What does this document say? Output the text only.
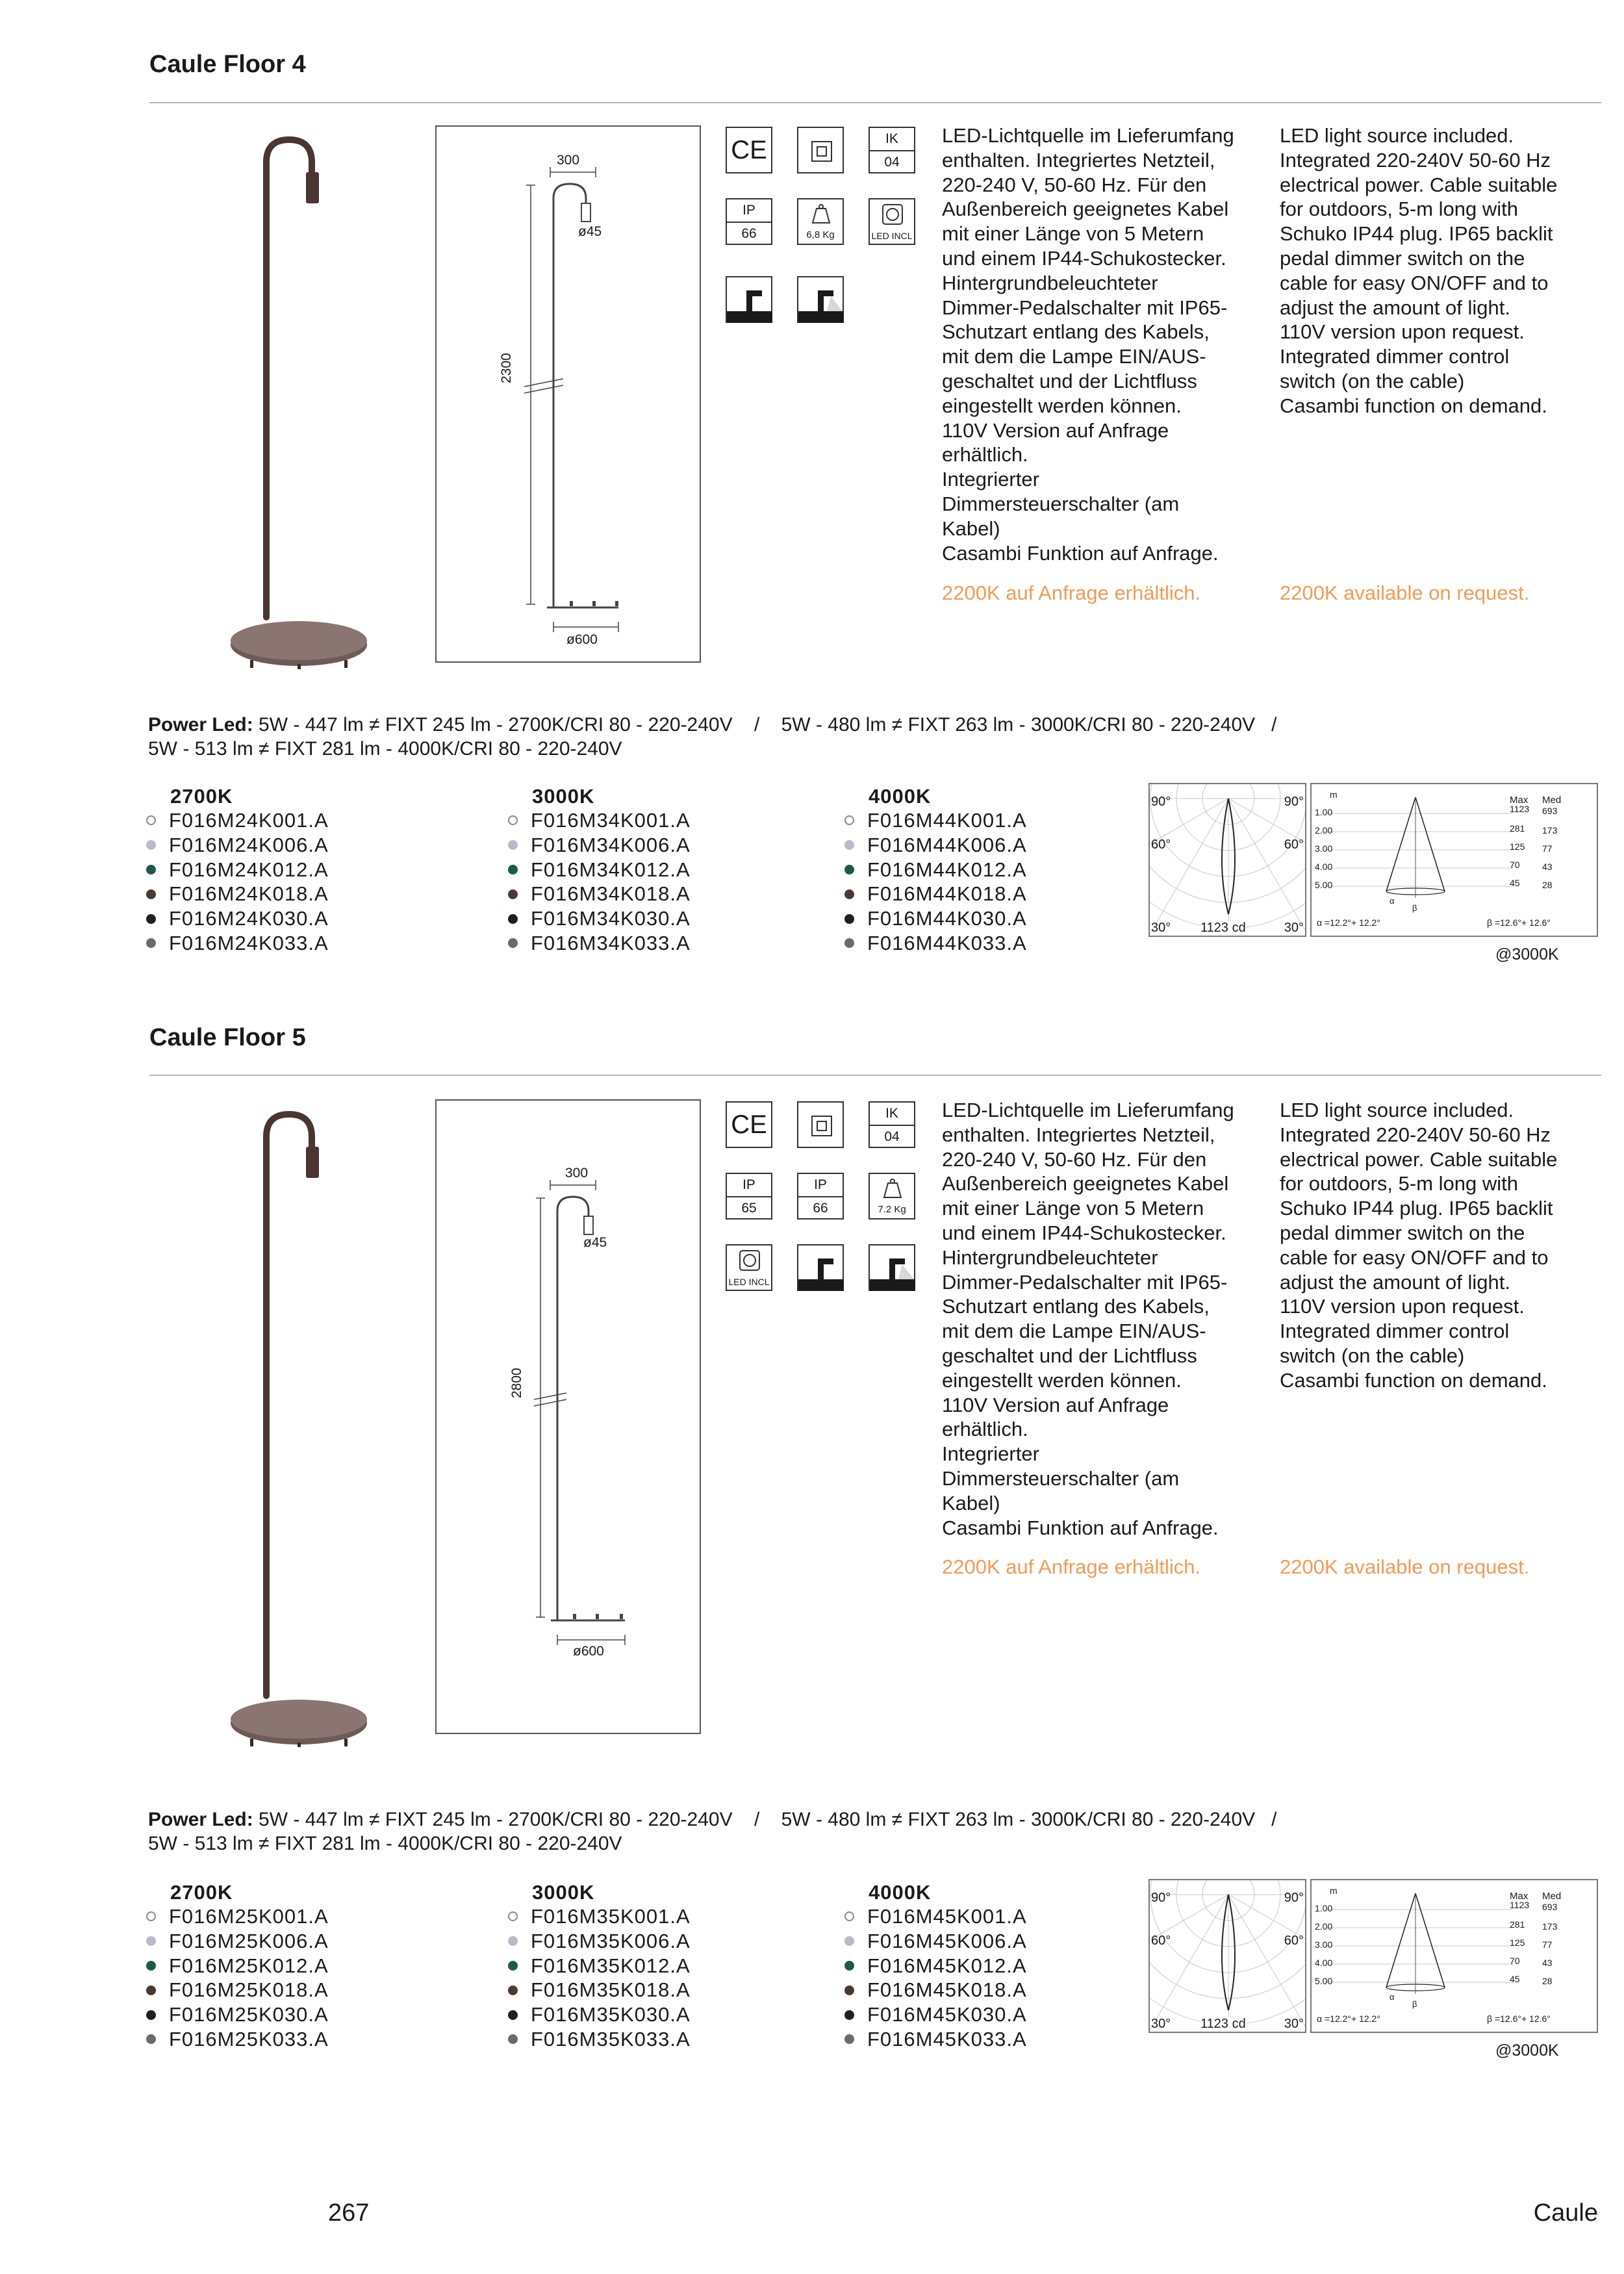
Caule Floor 4
300
ø45
2300
ø600
CE	IK
04
IP
66	6,8 Kg	LED INCL
LED-Lichtquelle im Lieferumfang
enthalten. Integriertes Netzteil,
220-240 V, 50-60 Hz. Für den
Außenbereich geeignetes Kabel
mit einer Länge von 5 Metern
und einem IP44-Schukostecker.
Hintergrundbeleuchteter
Dimmer-Pedalschalter mit IP65-
Schutzart entlang des Kabels,
mit dem die Lampe EIN/AUS-
geschaltet und der Lichtfluss
eingestellt werden können.
110V Version auf Anfrage
erhältlich.
Integrierter
Dimmersteuerschalter (am
Kabel)
Casambi Funktion auf Anfrage.
LED light source included.
Integrated 220-240V 50-60 Hz
electrical power. Cable suitable
for outdoors, 5-m long with
Schuko IP44 plug. IP65 backlit
pedal dimmer switch on the
cable for easy ON/OFF and to
adjust the amount of light.
110V version upon request.
Integrated dimmer control
switch (on the cable)
Casambi function on demand.
2200K auf Anfrage erhältlich.	2200K available on request.
Power Led: 5W - 447 lm ≠ FIXT 245 lm - 2700K/CRI 80 - 220-240V    /    5W - 480 lm ≠ FIXT 263 lm - 3000K/CRI 80 - 220-240V   /
5W - 513 lm ≠ FIXT 281 lm - 4000K/CRI 80 - 220-240V
2700K
F016M24K001.A
F016M24K006.A
F016M24K012.A
F016M24K018.A
F016M24K030.A
F016M24K033.A
3000K
F016M34K001.A
F016M34K006.A
F016M34K012.A
F016M34K018.A
F016M34K030.A
F016M34K033.A
4000K
F016M44K001.A
F016M44K006.A
F016M44K012.A
F016M44K018.A
F016M44K030.A
F016M44K033.A
90°	90°
60°	60°
30°	30°
1123 cd
m	Max Med
1.00	1123 693
2.00	281 173
3.00	125 77
4.00	70 43
5.00	45 28
α
β
α =12.2°+ 12.2°	β =12.6°+ 12.6°
@3000K
Caule Floor 5
300
ø45
2800
ø600
CE	IK
04
IP
65
IP
66	7.2 Kg
LED INCL
LED-Lichtquelle im Lieferumfang
enthalten. Integriertes Netzteil,
220-240 V, 50-60 Hz. Für den
Außenbereich geeignetes Kabel
mit einer Länge von 5 Metern
und einem IP44-Schukostecker.
Hintergrundbeleuchteter
Dimmer-Pedalschalter mit IP65-
Schutzart entlang des Kabels,
mit dem die Lampe EIN/AUS-
geschaltet und der Lichtfluss
eingestellt werden können.
110V Version auf Anfrage
erhältlich.
Integrierter
Dimmersteuerschalter (am
Kabel)
Casambi Funktion auf Anfrage.
LED light source included.
Integrated 220-240V 50-60 Hz
electrical power. Cable suitable
for outdoors, 5-m long with
Schuko IP44 plug. IP65 backlit
pedal dimmer switch on the
cable for easy ON/OFF and to
adjust the amount of light.
110V version upon request.
Integrated dimmer control
switch (on the cable)
Casambi function on demand.
2200K auf Anfrage erhältlich.	2200K available on request.
Power Led: 5W - 447 lm ≠ FIXT 245 lm - 2700K/CRI 80 - 220-240V    /    5W - 480 lm ≠ FIXT 263 lm - 3000K/CRI 80 - 220-240V   /
5W - 513 lm ≠ FIXT 281 lm - 4000K/CRI 80 - 220-240V
2700K
F016M25K001.A
F016M25K006.A
F016M25K012.A
F016M25K018.A
F016M25K030.A
F016M25K033.A
3000K
F016M35K001.A
F016M35K006.A
F016M35K012.A
F016M35K018.A
F016M35K030.A
F016M35K033.A
4000K
F016M45K001.A
F016M45K006.A
F016M45K012.A
F016M45K018.A
F016M45K030.A
F016M45K033.A
90°	90°
60°	60°
30°	30°
1123 cd
m	Max Med
1.00	1123 693
2.00	281 173
3.00	125 77
4.00	70 43
5.00	45 28
α
β
α =12.2°+ 12.2°	β =12.6°+ 12.6°
@3000K
267	Caule
